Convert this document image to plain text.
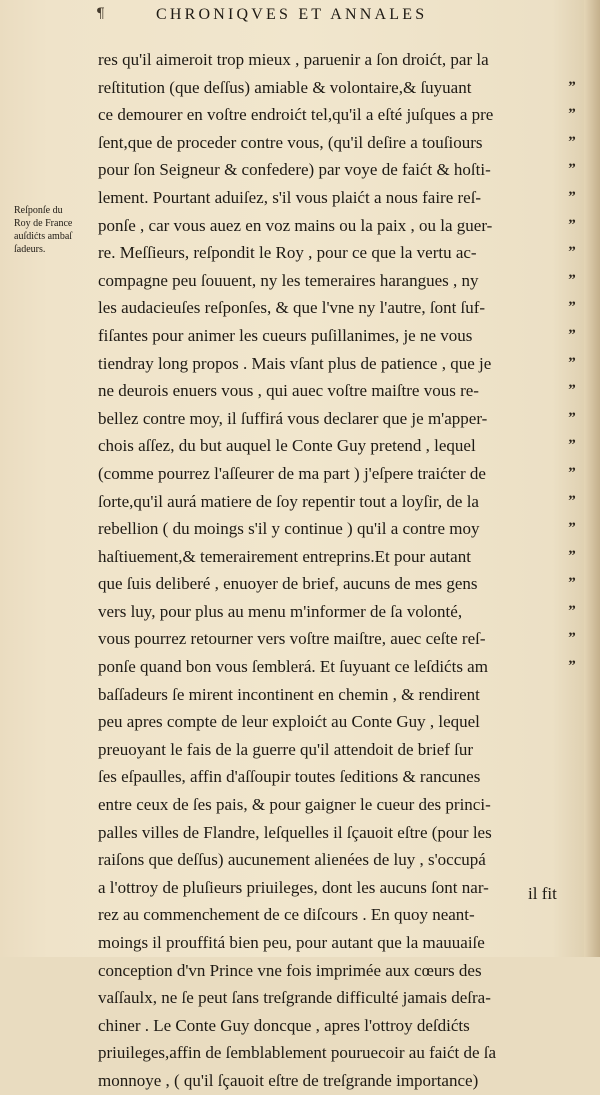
¶	CHRONIQVES ET ANNALES
Reſponſe du
Roy de France
auſdićts ambaſ
ſadeurs.
res qu'il aimeroit trop mieux , paruenir a ſon droićt, par la
reſtitution (que deſſus) amiable & volontaire,& ſuyuant
ce demourer en voſtre endroićt tel,qu'il a eſté juſques a pre
ſent,que de proceder contre vous, (qu'il deſire a touſiours
pour ſon Seigneur & confedere) par voye de faićt & hoſti-
lement. Pourtant aduiſez, s'il vous plaićt a nous faire reſ-
ponſe , car vous auez en voz mains ou la paix , ou la guer-
re. Meſſieurs, reſpondit le Roy , pour ce que la vertu ac-
compagne peu ſouuent, ny les temeraires harangues , ny
les audacieuſes reſponſes, & que l'vne ny l'autre, ſont ſuf-
fiſantes pour animer les cueurs puſillanimes, je ne vous
tiendray long propos . Mais vſant plus de patience , que je
ne deurois enuers vous , qui auec voſtre maiſtre vous re-
bellez contre moy, il ſuffirá vous declarer que je m'apper-
chois aſſez, du but auquel le Conte Guy pretend , lequel
(comme pourrez l'aſſeurer de ma part ) j'eſpere traićter de
ſorte,qu'il aurá matiere de ſoy repentir tout a loyſir, de la
rebellion ( du moings s'il y continue ) qu'il a contre moy
haſtiuement,& temerairement entreprins.Et pour autant
que ſuis deliberé , enuoyer de brief, aucuns de mes gens
vers luy, pour plus au menu m'informer de ſa volonté,
vous pourrez retourner vers voſtre maiſtre, auec ceſte reſ-
ponſe quand bon vous ſemblerá. Et ſuyuant ce leſdićts am
baſſadeurs ſe mirent incontinent en chemin , & rendirent
peu apres compte de leur exploićt au Conte Guy , lequel
preuoyant le fais de la guerre qu'il attendoit de brief ſur
ſes eſpaulles, affin d'aſſoupir toutes ſeditions & rancunes
entre ceux de ſes pais, & pour gaigner le cueur des princi-
palles villes de Flandre, leſquelles il ſçauoit eſtre (pour les
raiſons que deſſus) aucunement alienées de luy , s'occupá
a l'ottroy de pluſieurs priuileges, dont les aucuns ſont nar-
rez au commenchement de ce diſcours . En quoy neant-
moings il prouffitá bien peu, pour autant que la mauuaiſe
conception d'vn Prince vne fois imprimée aux cœurs des
vaſſaulx, ne ſe peut ſans treſgrande difficulté jamais deſra-
chiner . Le Conte Guy doncque , apres l'ottroy deſdićts
priuileges,affin de ſemblablement pouruecoir au faićt de ſa
monnoye , ( qu'il ſçauoit eſtre de treſgrande importance)
”
”
”
”
”
”
”
”
”
”
”
”
”
”
”
”
”
”
”
”
”
”
il fit
